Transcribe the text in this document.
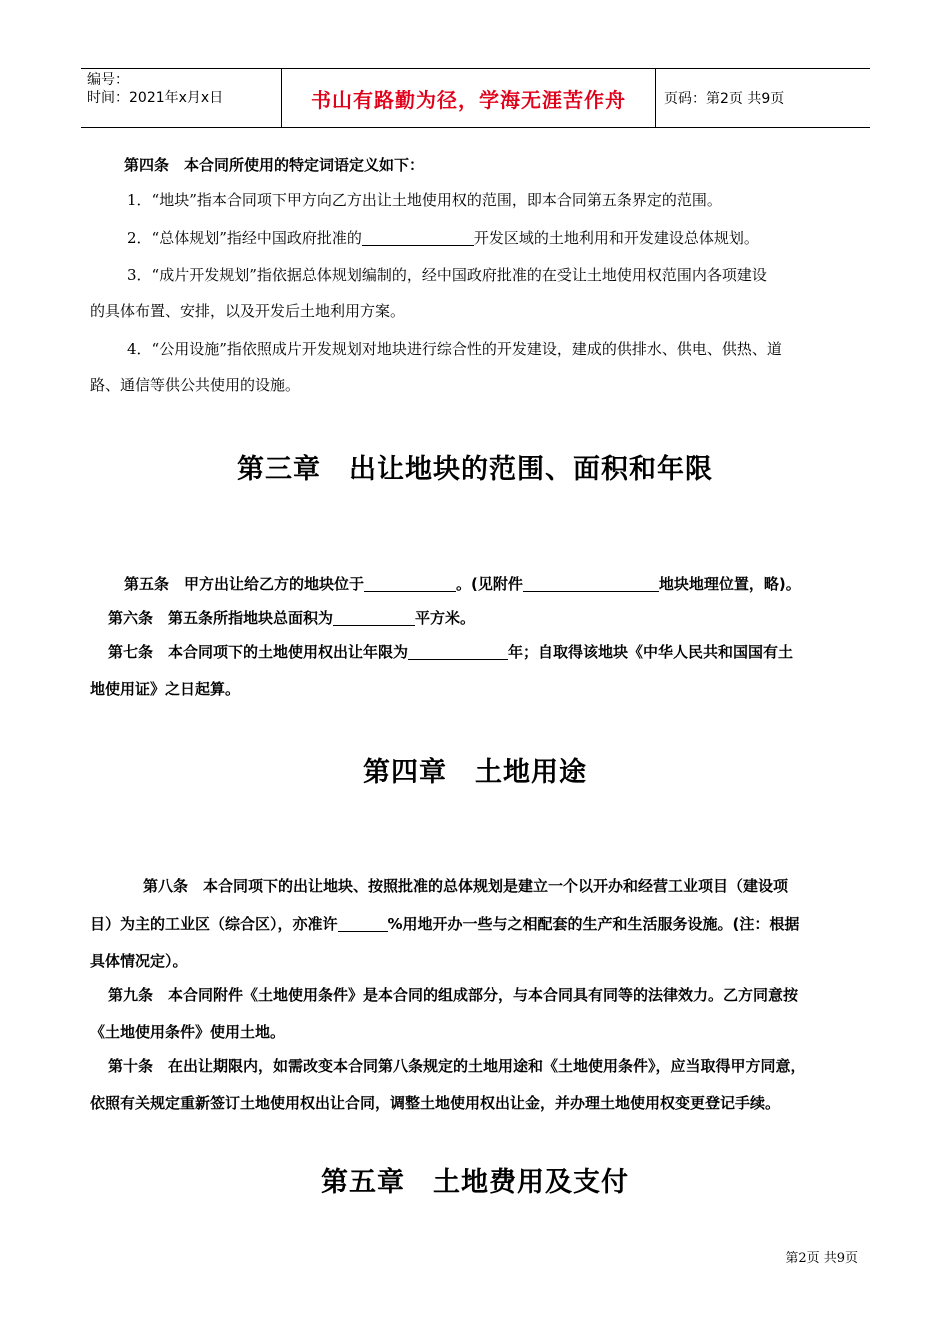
编号：
时间：2021年x月x日	书山有路勤为径，学海无涯苦作舟	页码：第2页 共9页
第四条　本合同所使用的特定词语定义如下：
1．“地块”指本合同项下甲方向乙方出让土地使用权的范围，即本合同第五条界定的范围。
2．“总体规划”指经中国政府批准的	开发区域的土地利用和开发建设总体规划。
3．“成片开发规划”指依据总体规划编制的，经中国政府批准的在受让土地使用权范围内各项建设
的具体布置、安排，以及开发后土地利用方案。
4．“公用设施”指依照成片开发规划对地块进行综合性的开发建设，建成的供排水、供电、供热、道
路、通信等供公共使用的设施。
第三章　出让地块的范围、面积和年限
第五条　甲方出让给乙方的地块位于	。(见附件	地块地理位置，略)。
第六条　第五条所指地块总面积为	平方米。
第七条　本合同项下的土地使用权出让年限为	年；自取得该地块《中华人民共和国国有土
地使用证》之日起算。
第四章　土地用途
第八条　本合同项下的出让地块、按照批准的总体规划是建立一个以开办和经营工业项目（建设项
目）为主的工业区（综合区），亦准许	%用地开办一些与之相配套的生产和生活服务设施。(注：根据
具体情况定）。
第九条　本合同附件《土地使用条件》是本合同的组成部分，与本合同具有同等的法律效力。乙方同意按
《土地使用条件》使用土地。
第十条　在出让期限内，如需改变本合同第八条规定的土地用途和《土地使用条件》，应当取得甲方同意，
依照有关规定重新签订土地使用权出让合同，调整土地使用权出让金，并办理土地使用权变更登记手续。
第五章　土地费用及支付
第2页 共9页
